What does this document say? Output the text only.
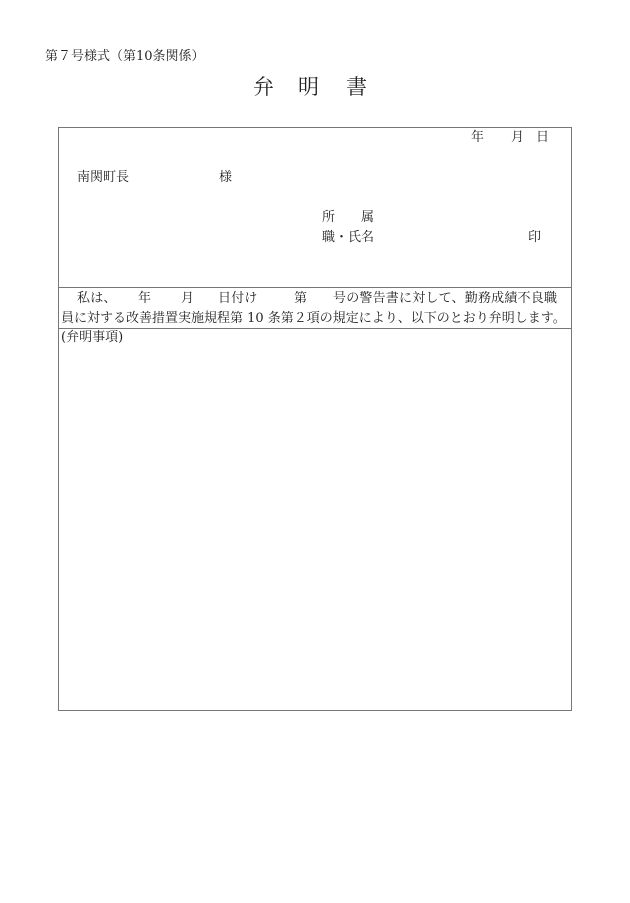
第７号様式（第10条関係）
弁 明 書
年 月 日
南関町長	様
所　　属
職・氏名	印
私は、 年 月 日付け	第 号の警告書に対して、勤務成績不良職
員に対する改善措置実施規程第 10 条第２項の規定により、以下のとおり弁明します。
(弁明事項)
